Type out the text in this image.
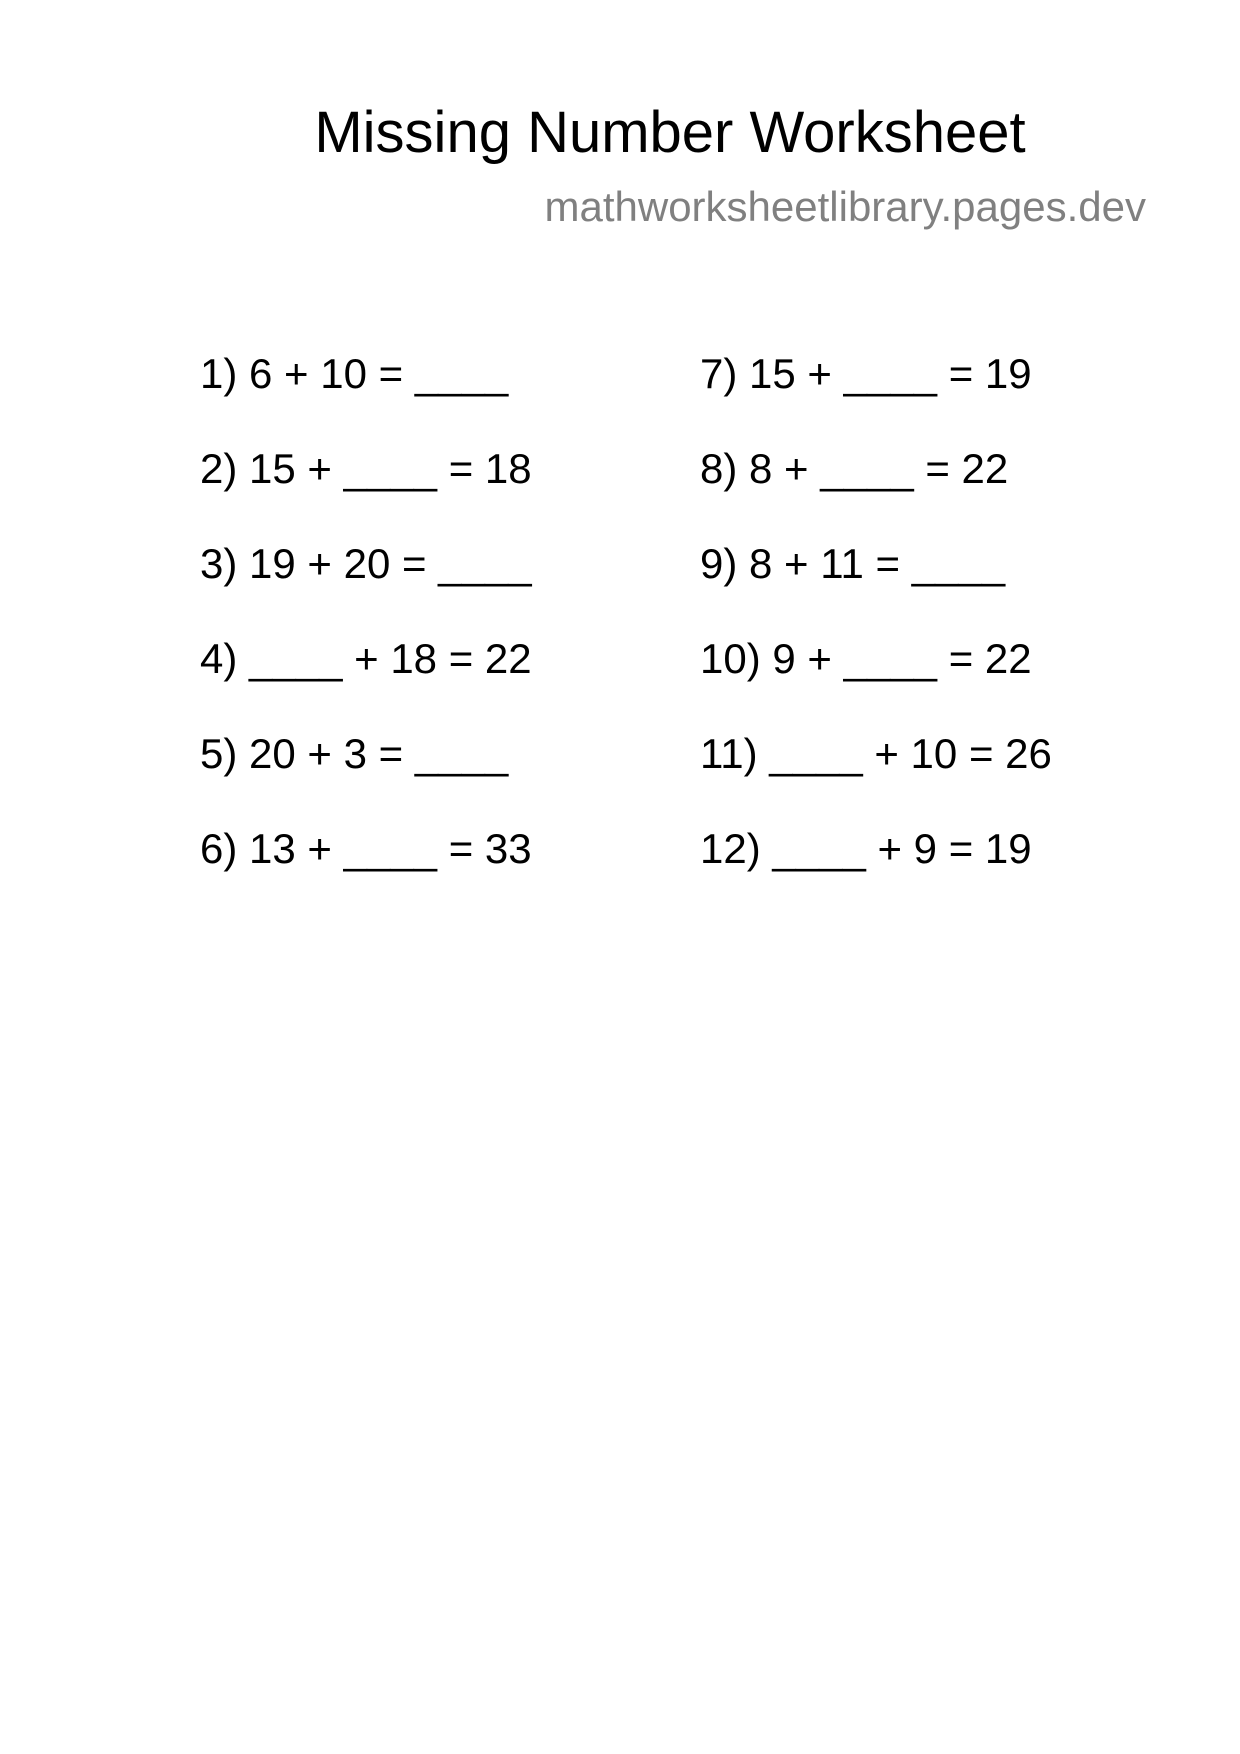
Missing Number Worksheet
mathworksheetlibrary.pages.dev
1) 6 + 10 = ____
2) 15 + ____ = 18
3) 19 + 20 = ____
4) ____ + 18 = 22
5) 20 + 3 = ____
6) 13 + ____ = 33
7) 15 + ____ = 19
8) 8 + ____ = 22
9) 8 + 11 = ____
10) 9 + ____ = 22
11) ____ + 10 = 26
12) ____ + 9 = 19
